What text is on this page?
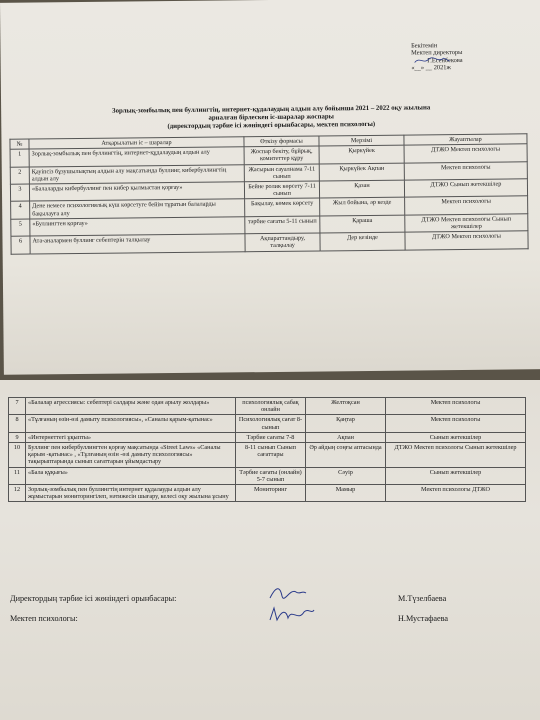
Бекітемін
Мектеп директоры
Г.Есенбекова
«__» __ 2021ж
Зорлық-зомбылық пен буллингтің, интернет-құдалаудың алдын алу бойынша 2021 – 2022 оқу жылына
арналған бірлескен іс-шаралар жоспары
(директордың тәрбие ісі жөніндегі орынбасары, мектеп психологы)
№	Атқарылатын іс – шаралар	Өткізу формасы	Мерзімі	Жауаптылар
1	Зорлық-зомбылық пен буллингтің, интернет-құдалаудың алдын алу	Жоспар бекіту, бұйрық, комитеттер құру	Қыркүйек	ДТЖО Мектеп психологы
2	Қауіпсіз бұзушылықтың алдын алу мақсатында буллинг, кибербуллингтің алдын алу	Жасырын сауалнама 7-11 сынып	Қыркүйек Ақпан	Мектеп психологы
3	«Балаларды кибербуллинг пен кибер қылмыстан қорғау»	Бейне ролик көрсету 7-11 сынып	Қазан	ДТЖО Сынып жетекшілер
4	Дене немесе психологиялық күш көрсетуге бейім тұратын балаларды бақылауға алу	Бақылау, көмек көрсету	Жыл бойына, әр кезде	Мектеп психологы
5	«Буллингтен қорғау»	тәрбие сағаты 5-11 сынып	Қараша	ДТЖО Мектеп психологы Сынып жетекшілер
6	Ата-аналармен буллинг себептерін талқылау	Ақпараттандыру, талқылау	Дер кезінде	ДТЖО Мектеп психологы
7	«Балалар агрессиясы: себептері салдары және одан арылу жолдары»	психологиялық сабақ онлайн	Желтоқсан	Мектеп психологы
8	«Тұлғаның өзін-өзі дамыту психологиясы», «Саналы қарым-қатынас»	Психологиялық сағат 8-сынып	Қаңтар	Мектеп психологы
9	«Интернеттегі ұқыпты»	Тәрбие сағаты 7-8	Ақпан	Сынып жетекшілер
10	Буллинг пен кибербуллингтен қорғау мақсатында «Street Laws» «Саналы қарым -қатынас» , «Тұлғаның өзін -өзі дамыту психологиясы» тақырыптарында сынып сағаттарын ұйымдастыру	8-11 сынып Сынып сағаттары	Әр айдың соңғы аптасында	ДТЖО Мектеп психологы Сынып жетекшілер
11	«Бала құқығы»	Тәрбие сағаты (онлайн) 5-7 сынып	Сәуір	Сынып жетекшілер
12	Зорлық-зомбылық пен буллингтің интернет құдалауды алдын алу жұмыстарын мониторингілеп, нәтижесін шығару, келесі оқу жылына ұсыну	Мониторинг	Мамыр	Мектеп психологы ДТЖО
Директордың тәрбие ісі жөніндегі орынбасары:	М.Түзелбаева
Мектеп психологы:	Н.Мустафаева
